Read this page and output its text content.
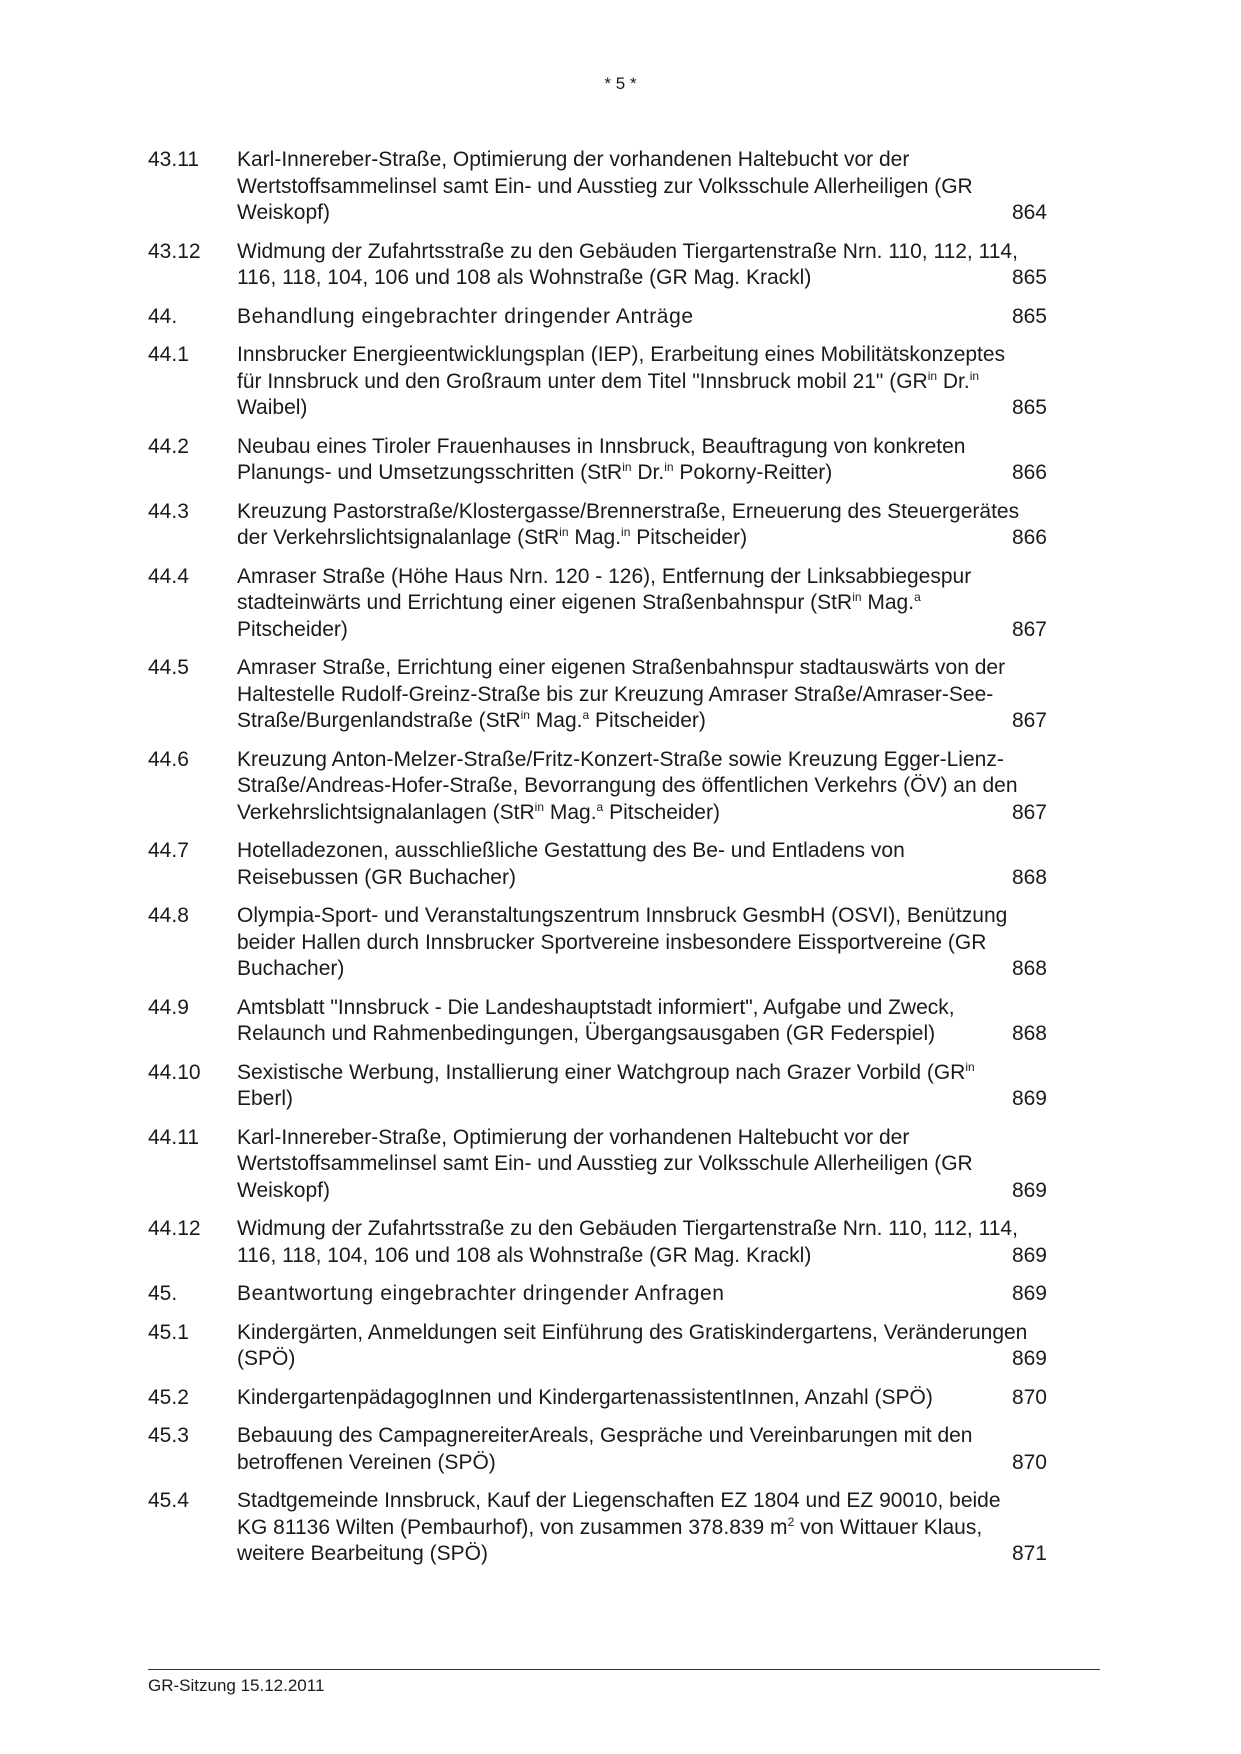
* 5 *
43.11 Karl-Innereber-Straße, Optimierung der vorhandenen Haltebucht vor der Wertstoffsammelinsel samt Ein- und Ausstieg zur Volksschule Allerheiligen (GR Weiskopf)	864
43.12 Widmung der Zufahrtsstraße zu den Gebäuden Tiergartenstraße Nrn. 110, 112, 114, 116, 118, 104, 106 und 108 als Wohnstraße (GR Mag. Krackl)	865
44.	Behandlung eingebrachter dringender Anträge	865
44.1 Innsbrucker Energieentwicklungsplan (IEP), Erarbeitung eines Mobilitätskonzeptes für Innsbruck und den Großraum unter dem Titel "Innsbruck mobil 21" ($GR^{in}$ Dr.$^{in}$ Waibel)	865
44.2 Neubau eines Tiroler Frauenhauses in Innsbruck, Beauftragung von konkreten Planungs- und Umsetzungsschritten (StR$^{in}$ Dr.$^{in}$ Pokorny-Reitter)	866
44.3 Kreuzung Pastorstraße/Klostergasse/Brennerstraße, Erneuerung des Steuergerätes der Verkehrslichtsignalanlage (StR$^{in}$ Mag.$^{in}$ Pitscheider)	866
44.4 Amraser Straße (Höhe Haus Nrn. 120 - 126), Entfernung der Linksabbiegespur stadteinwärts und Errichtung einer eigenen Straßenbahnspur (StR$^{in}$ Mag.$^a$ Pitscheider)	867
44.5 Amraser Straße, Errichtung einer eigenen Straßenbahnspur stadtauswärts von der Haltestelle Rudolf-Greinz-Straße bis zur Kreuzung Amraser Straße/Amraser-See-Straße/Burgenlandstraße (StR$^{in}$ Mag.$^a$ Pitscheider)	867
44.6 Kreuzung Anton-Melzer-Straße/Fritz-Konzert-Straße sowie Kreuzung Egger-Lienz-Straße/Andreas-Hofer-Straße, Bevorrangung des öffentlichen Verkehrs (ÖV) an den Verkehrslichtsignalanlagen (StR$^{in}$ Mag.$^a$ Pitscheider)	867
44.7 Hotelladezonen, ausschließliche Gestattung des Be- und Entladens von Reisebussen (GR Buchacher)	868
44.8 Olympia-Sport- und Veranstaltungszentrum Innsbruck GesmbH (OSVI), Benützung beider Hallen durch Innsbrucker Sportvereine insbesondere Eissportvereine (GR Buchacher)	868
44.9 Amtsblatt "Innsbruck - Die Landeshauptstadt informiert", Aufgabe und Zweck, Relaunch und Rahmenbedingungen, Übergangsausgaben (GR Federspiel)	868
44.10 Sexistische Werbung, Installierung einer Watchgroup nach Grazer Vorbild ($GR^{in}$ Eberl)	869
44.11 Karl-Innereber-Straße, Optimierung der vorhandenen Haltebucht vor der Wertstoffsammelinsel samt Ein- und Ausstieg zur Volksschule Allerheiligen (GR Weiskopf)	869
44.12 Widmung der Zufahrtsstraße zu den Gebäuden Tiergartenstraße Nrn. 110, 112, 114, 116, 118, 104, 106 und 108 als Wohnstraße (GR Mag. Krackl)	869
45.	Beantwortung eingebrachter dringender Anfragen	869
45.1 Kindergärten, Anmeldungen seit Einführung des Gratiskindergartens, Veränderungen (SPÖ)	869
45.2 KindergartenpädagogInnen und KindergartenassistentInnen, Anzahl (SPÖ)	870
45.3 Bebauung des CampagnereiterAreals, Gespräche und Vereinbarungen mit den betroffenen Vereinen (SPÖ)	870
45.4 Stadtgemeinde Innsbruck, Kauf der Liegenschaften EZ 1804 und EZ 90010, beide KG 81136 Wilten (Pembaurhof), von zusammen 378.839 $m^2$ von Wittauer Klaus, weitere Bearbeitung (SPÖ)	871
GR-Sitzung 15.12.2011
